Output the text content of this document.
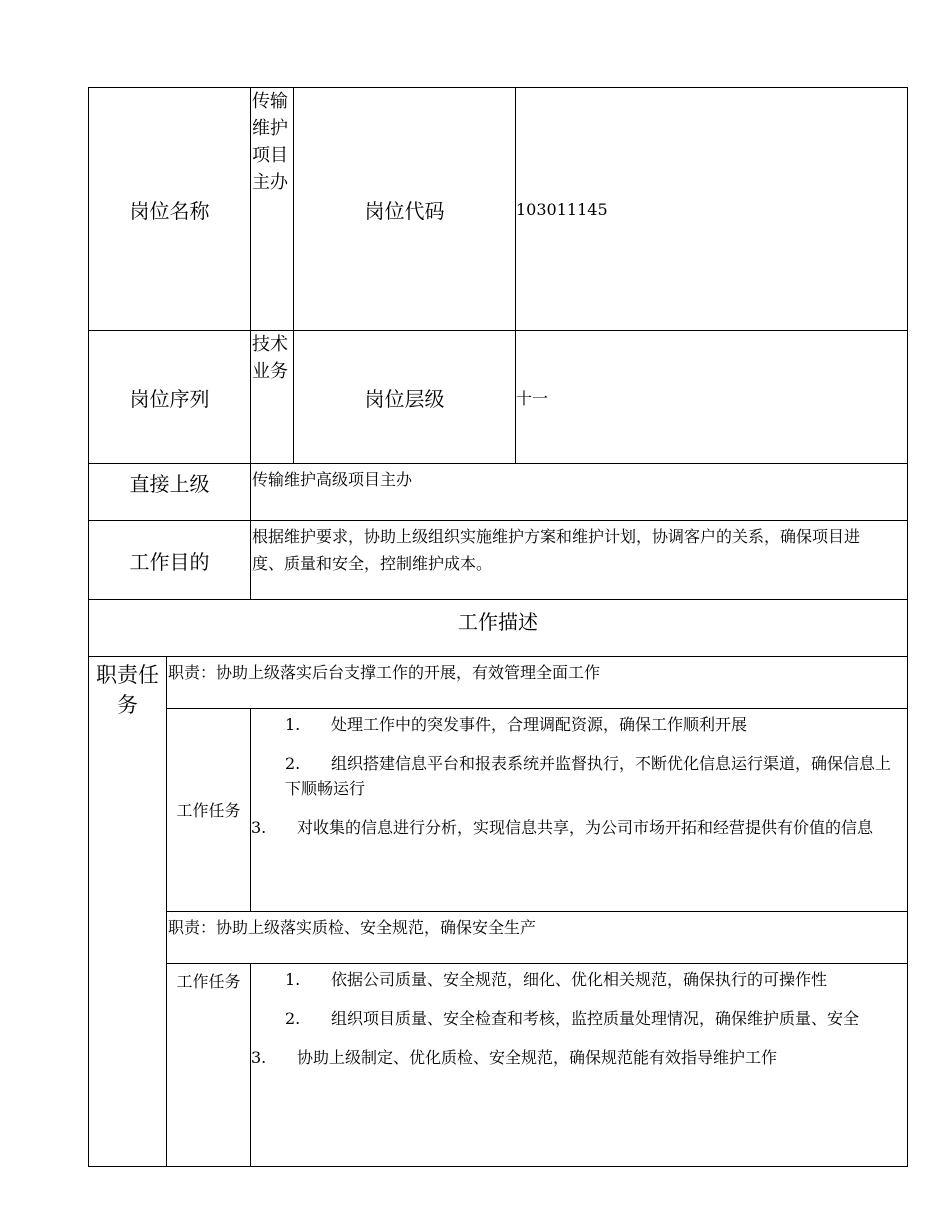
岗位名称		传输维护项目主办	岗位代码	103011145
岗位序列		技术业务	岗位层级	十一
直接上级		传输维护高级项目主办		
工作目的		根据维护要求，协助上级组织实施维护方案和维护计划，协调客户的关系，确保项目进度、质量和安全，控制维护成本。		
工作描述				
职责任务	职责：协助上级落实后台支撑工作的开展，有效管理全面工作			
	工作任务	1. 处理工作中的突发事件，合理调配资源，确保工作顺利开展
2. 组织搭建信息平台和报表系统并监督执行，不断优化信息运行渠道，确保信息上下顺畅运行
3. 对收集的信息进行分析，实现信息共享，为公司市场开拓和经营提供有价值的信息		

	职责：协助上级落实质检、安全规范，确保安全生产			
	工作任务	1. 依据公司质量、安全规范，细化、优化相关规范，确保执行的可操作性
2. 组织项目质量、安全检查和考核，监控质量处理情况，确保维护质量、安全
3. 协助上级制定、优化质检、安全规范，确保规范能有效指导维护工作		
